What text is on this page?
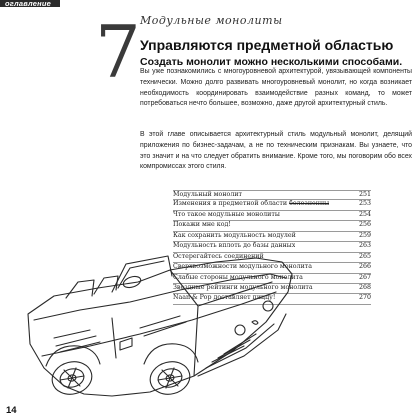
оглавление
Модульные монолиты
7 Управляются предметной областью
Создать монолит можно несколькими способами.

Вы уже познакомились с многоуровневой архитектурой, увязывающей компоненты технически. Можно долго развивать многоуровневый монолит, но когда возникает необходимость координировать взаимодействие разных команд, то может потребоваться нечто большее, возможно, даже другой архитектурный стиль.

В этой главе описывается архитектурный стиль модульный монолит, делящий приложения по бизнес-задачам, а не по техническим признакам. Вы узнаете, что это значит и на что следует обратить внимание. Кроме того, мы поговорим обо всех компромиссах этого стиля.

Модульный монолит	251
Изменения в предметной области болезненны	253
Что такое модульные монолиты	254
Покажи мне код!	256
Как сохранить модульность модулей	259
Модульность вплоть до базы данных	263
Остерегайтесь соединений	265
Сверхвозможности модульного монолита	266
Слабые стороны модульного монолита	267
Звездные рейтинги модульного монолита	268
Naan & Pop доставляет пиццу!	270
14
